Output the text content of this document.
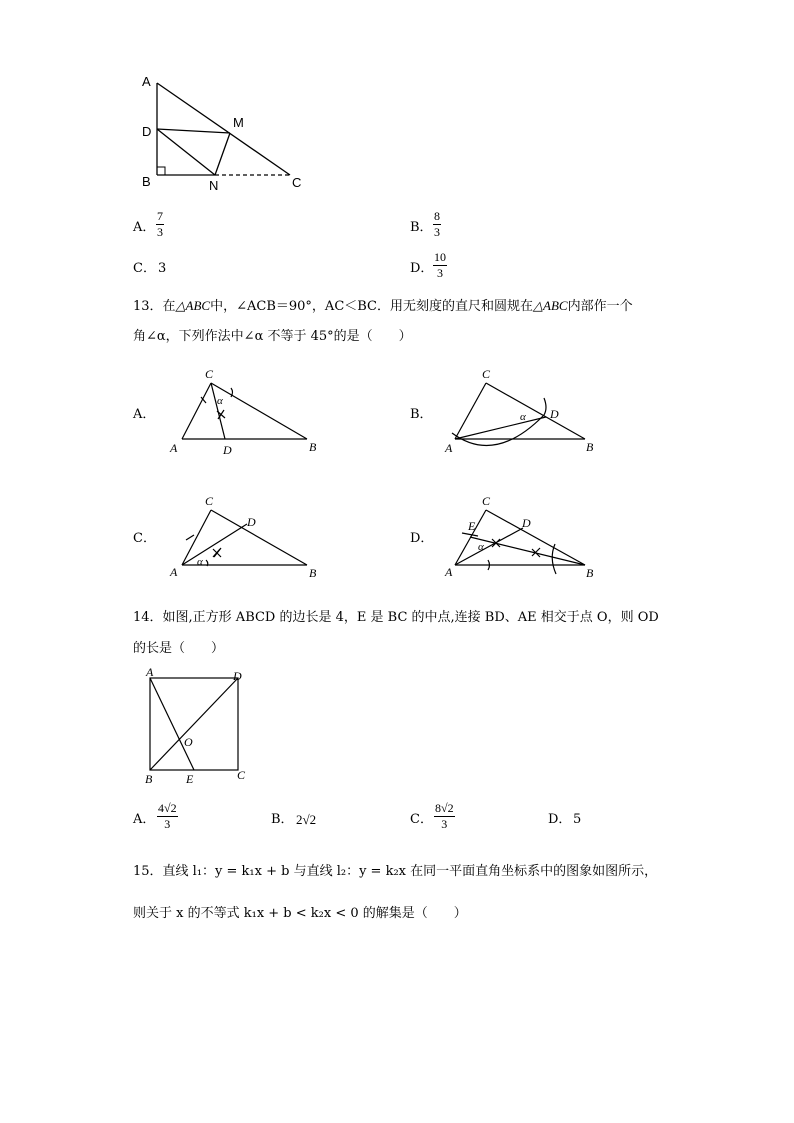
A
D
M
B	N	C
A．
7
3	B．
8
3
C． 3	D．
10
3
13．在△ABC中，∠ACB＝90°，AC＜BC．用无刻度的直尺和圆规在△ABC内部作一个
角∠α，下列作法中∠α 不等于 45°的是（　　）
A．	B．
C．	D．
C
A	D	B
α
C
A
D
B
α
C
A
D
B
α
C
E
A
D
B
α
14．如图,正方形 ABCD 的边长是 4，E 是 BC 的中点,连接 BD、AE 相交于点 O，则 OD
的长是（　　）
A	D
O
B	E	C
A．
4√2
3	B． 2√2	C．
8√2
3	D． 5
15．直线 l₁：y = k₁x + b 与直线 l₂：y = k₂x 在同一平面直角坐标系中的图象如图所示，
则关于 x 的不等式 k₁x + b < k₂x < 0 的解集是（　　）
